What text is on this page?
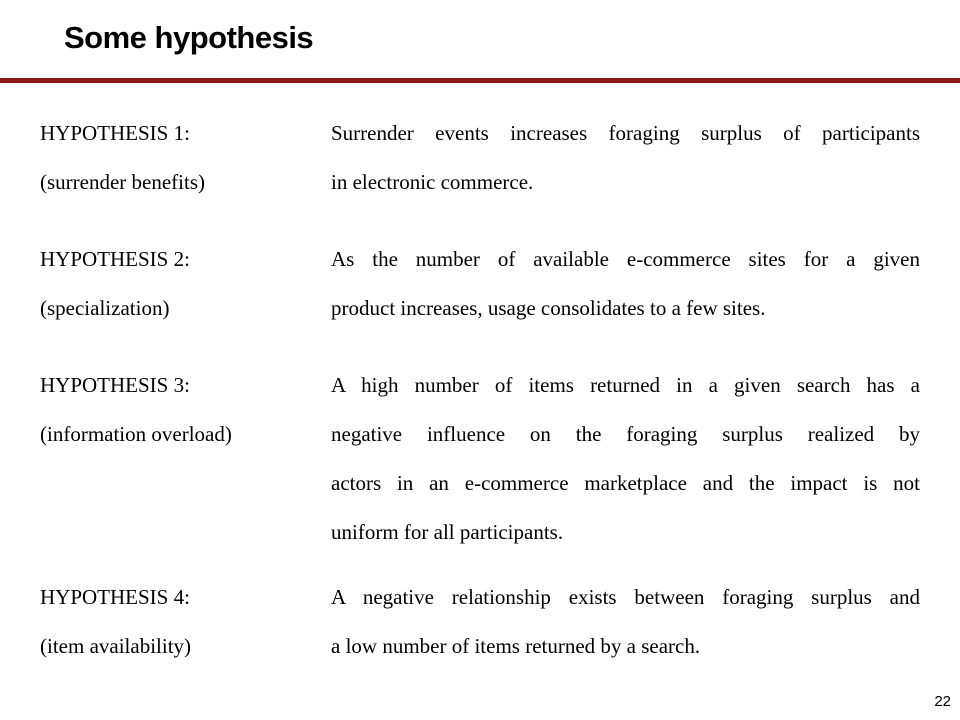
Some hypothesis
HYPOTHESIS 1:	Surrender events increases foraging surplus of participants
(surrender benefits)	in electronic commerce.
HYPOTHESIS 2:	As the number of available e-commerce sites for a given
(specialization)	product increases, usage consolidates to a few sites.
HYPOTHESIS 3:	A high number of items returned in a given search has a
(information overload)	negative influence on the foraging surplus realized by
actors in an e-commerce marketplace and the impact is not
uniform for all participants.
HYPOTHESIS 4:	A negative relationship exists between foraging surplus and
(item availability)	a low number of items returned by a search.
22
